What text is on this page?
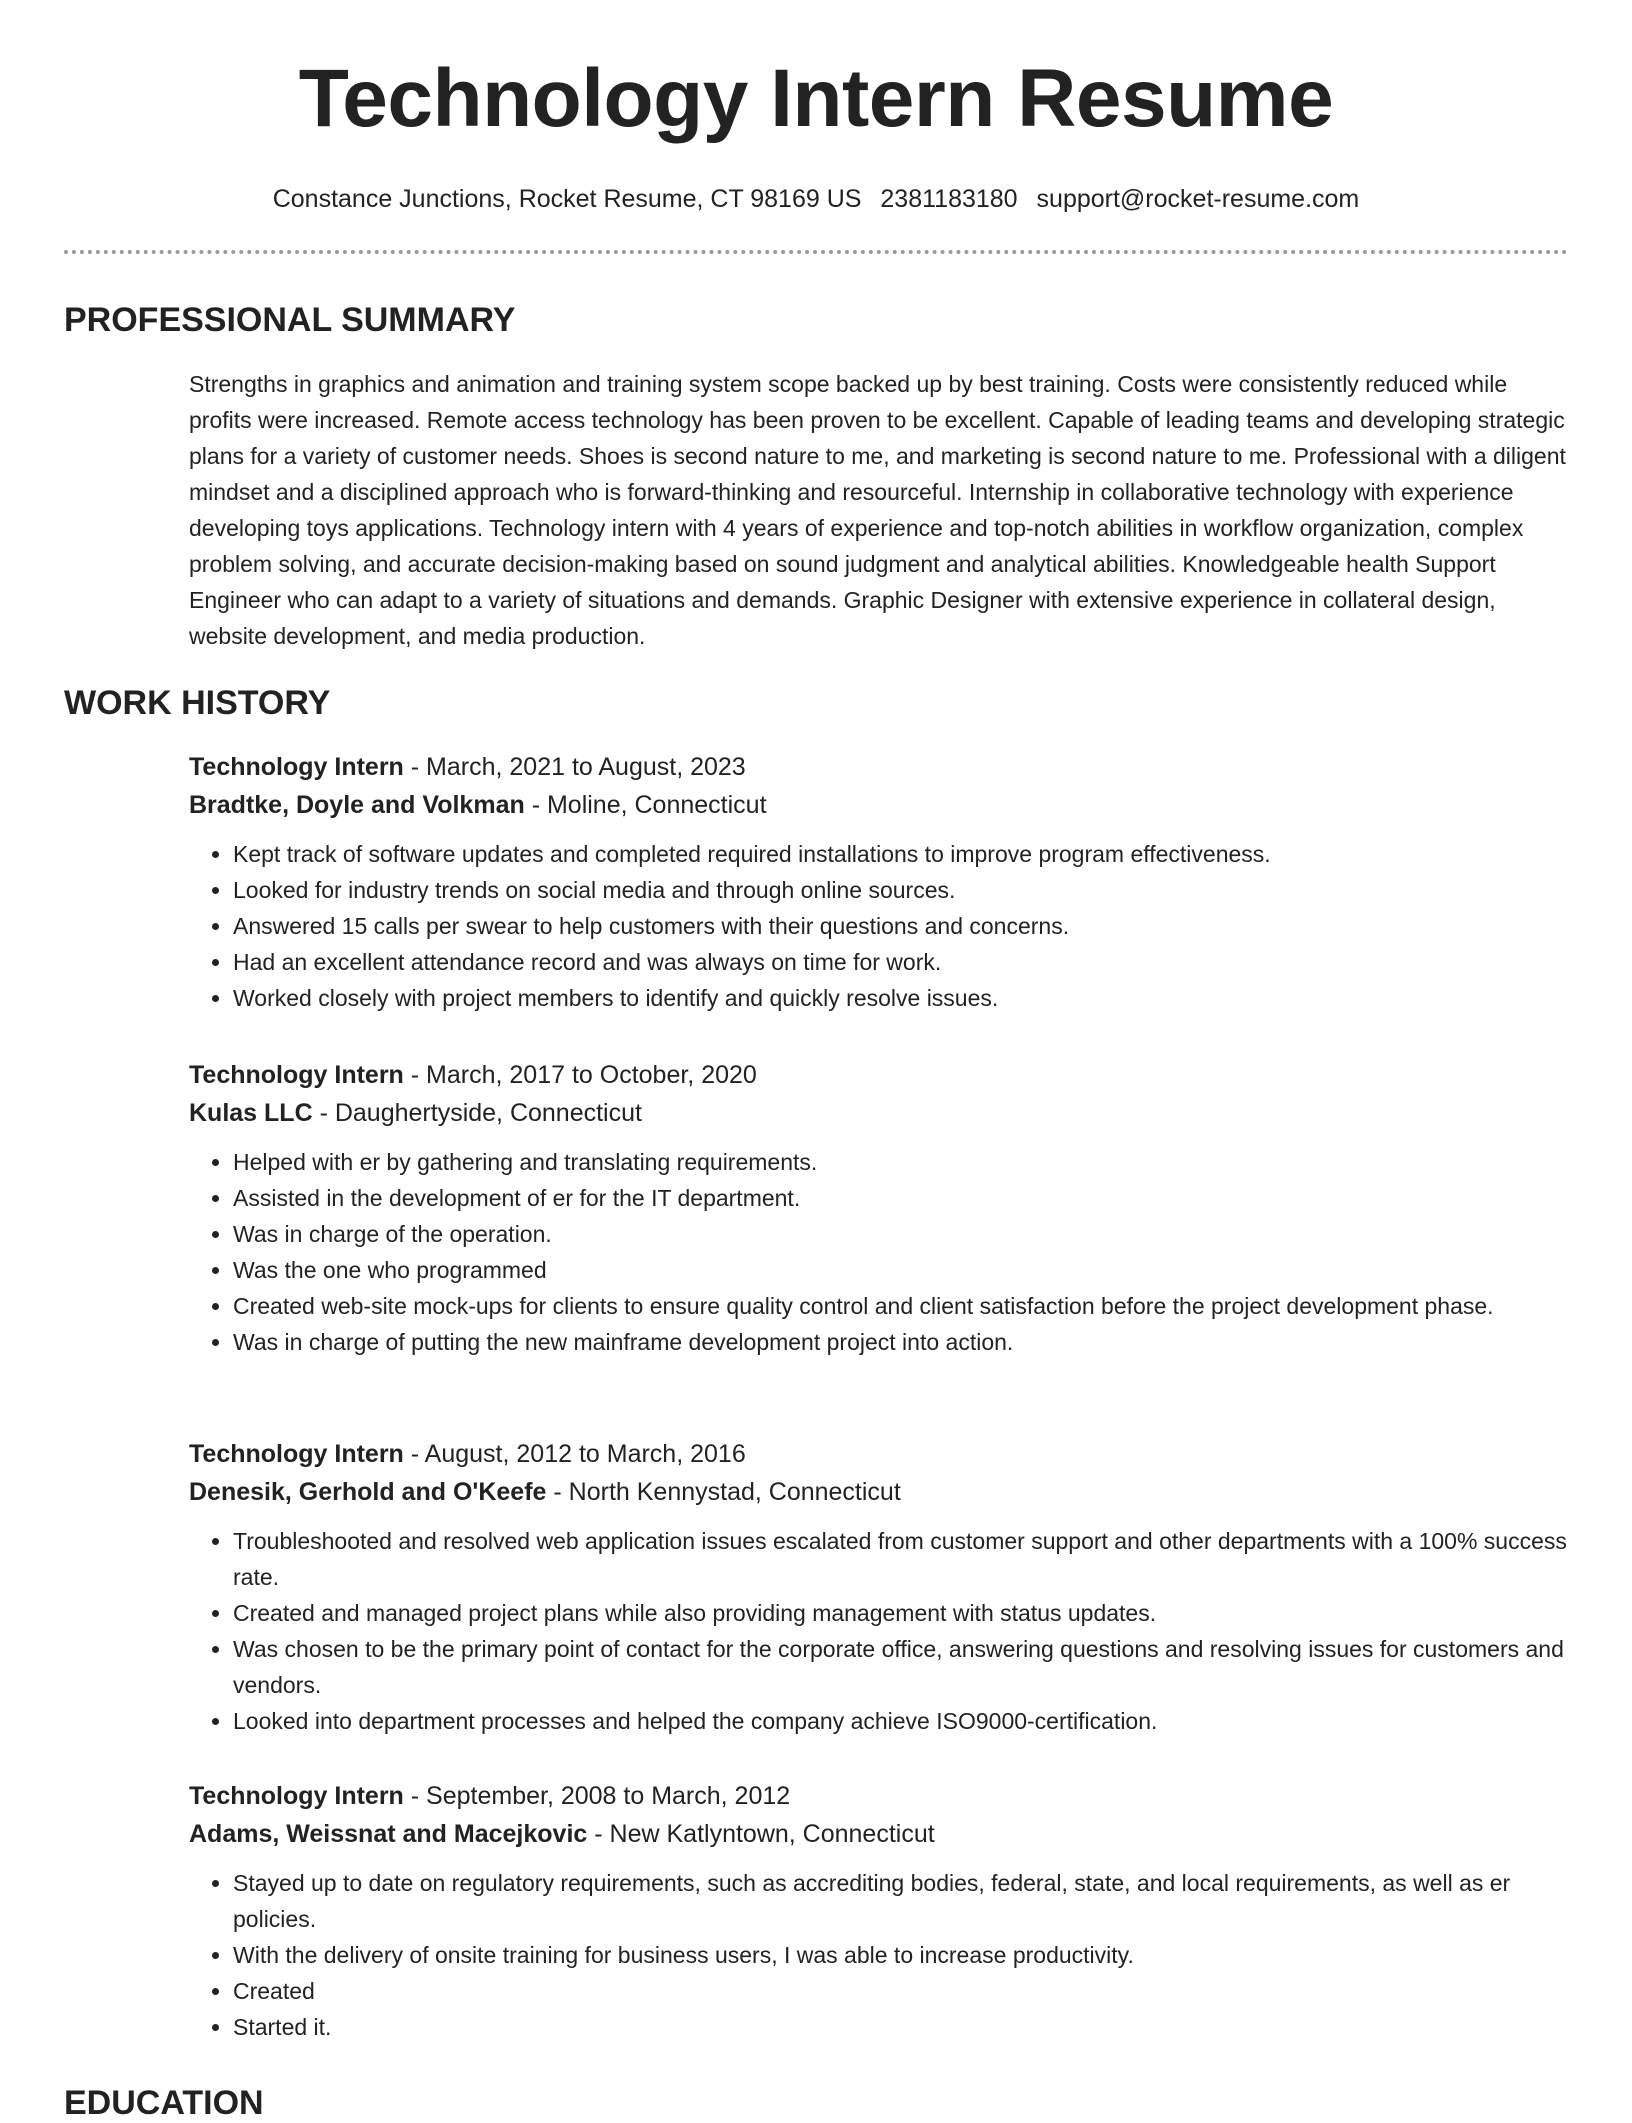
Technology Intern Resume
Constance Junctions, Rocket Resume, CT 98169 US 2381183180 support@rocket-resume.com
PROFESSIONAL SUMMARY

Strengths in graphics and animation and training system scope backed up by best training. Costs were consistently reduced while profits were increased. Remote access technology has been proven to be excellent. Capable of leading teams and developing strategic plans for a variety of customer needs. Shoes is second nature to me, and marketing is second nature to me. Professional with a diligent mindset and a disciplined approach who is forward-thinking and resourceful. Internship in collaborative technology with experience developing toys applications. Technology intern with 4 years of experience and top-notch abilities in workflow organization, complex problem solving, and accurate decision-making based on sound judgment and analytical abilities. Knowledgeable health Support Engineer who can adapt to a variety of situations and demands. Graphic Designer with extensive experience in collateral design, website development, and media production.

WORK HISTORY

Technology Intern - March, 2021 to August, 2023

Bradtke, Doyle and Volkman - Moline, Connecticut

• Kept track of software updates and completed required installations to improve program effectiveness.
• Looked for industry trends on social media and through online sources.
• Answered 15 calls per swear to help customers with their questions and concerns.
• Had an excellent attendance record and was always on time for work.
• Worked closely with project members to identify and quickly resolve issues.

Technology Intern - March, 2017 to October, 2020

Kulas LLC - Daughertyside, Connecticut

• Helped with er by gathering and translating requirements.
• Assisted in the development of er for the IT department.
• Was in charge of the operation.
• Was the one who programmed
• Created web-site mock-ups for clients to ensure quality control and client satisfaction before the project development phase.
• Was in charge of putting the new mainframe development project into action.

Technology Intern - August, 2012 to March, 2016

Denesik, Gerhold and O'Keefe - North Kennystad, Connecticut

• Troubleshooted and resolved web application issues escalated from customer support and other departments with a 100% success rate.
• Created and managed project plans while also providing management with status updates.
• Was chosen to be the primary point of contact for the corporate office, answering questions and resolving issues for customers and vendors.
• Looked into department processes and helped the company achieve ISO9000-certification.

Technology Intern - September, 2008 to March, 2012

Adams, Weissnat and Macejkovic - New Katlyntown, Connecticut

• Stayed up to date on regulatory requirements, such as accrediting bodies, federal, state, and local requirements, as well as er policies.
• With the delivery of onsite training for business users, I was able to increase productivity.
• Created
• Started it.
EDUCATION
